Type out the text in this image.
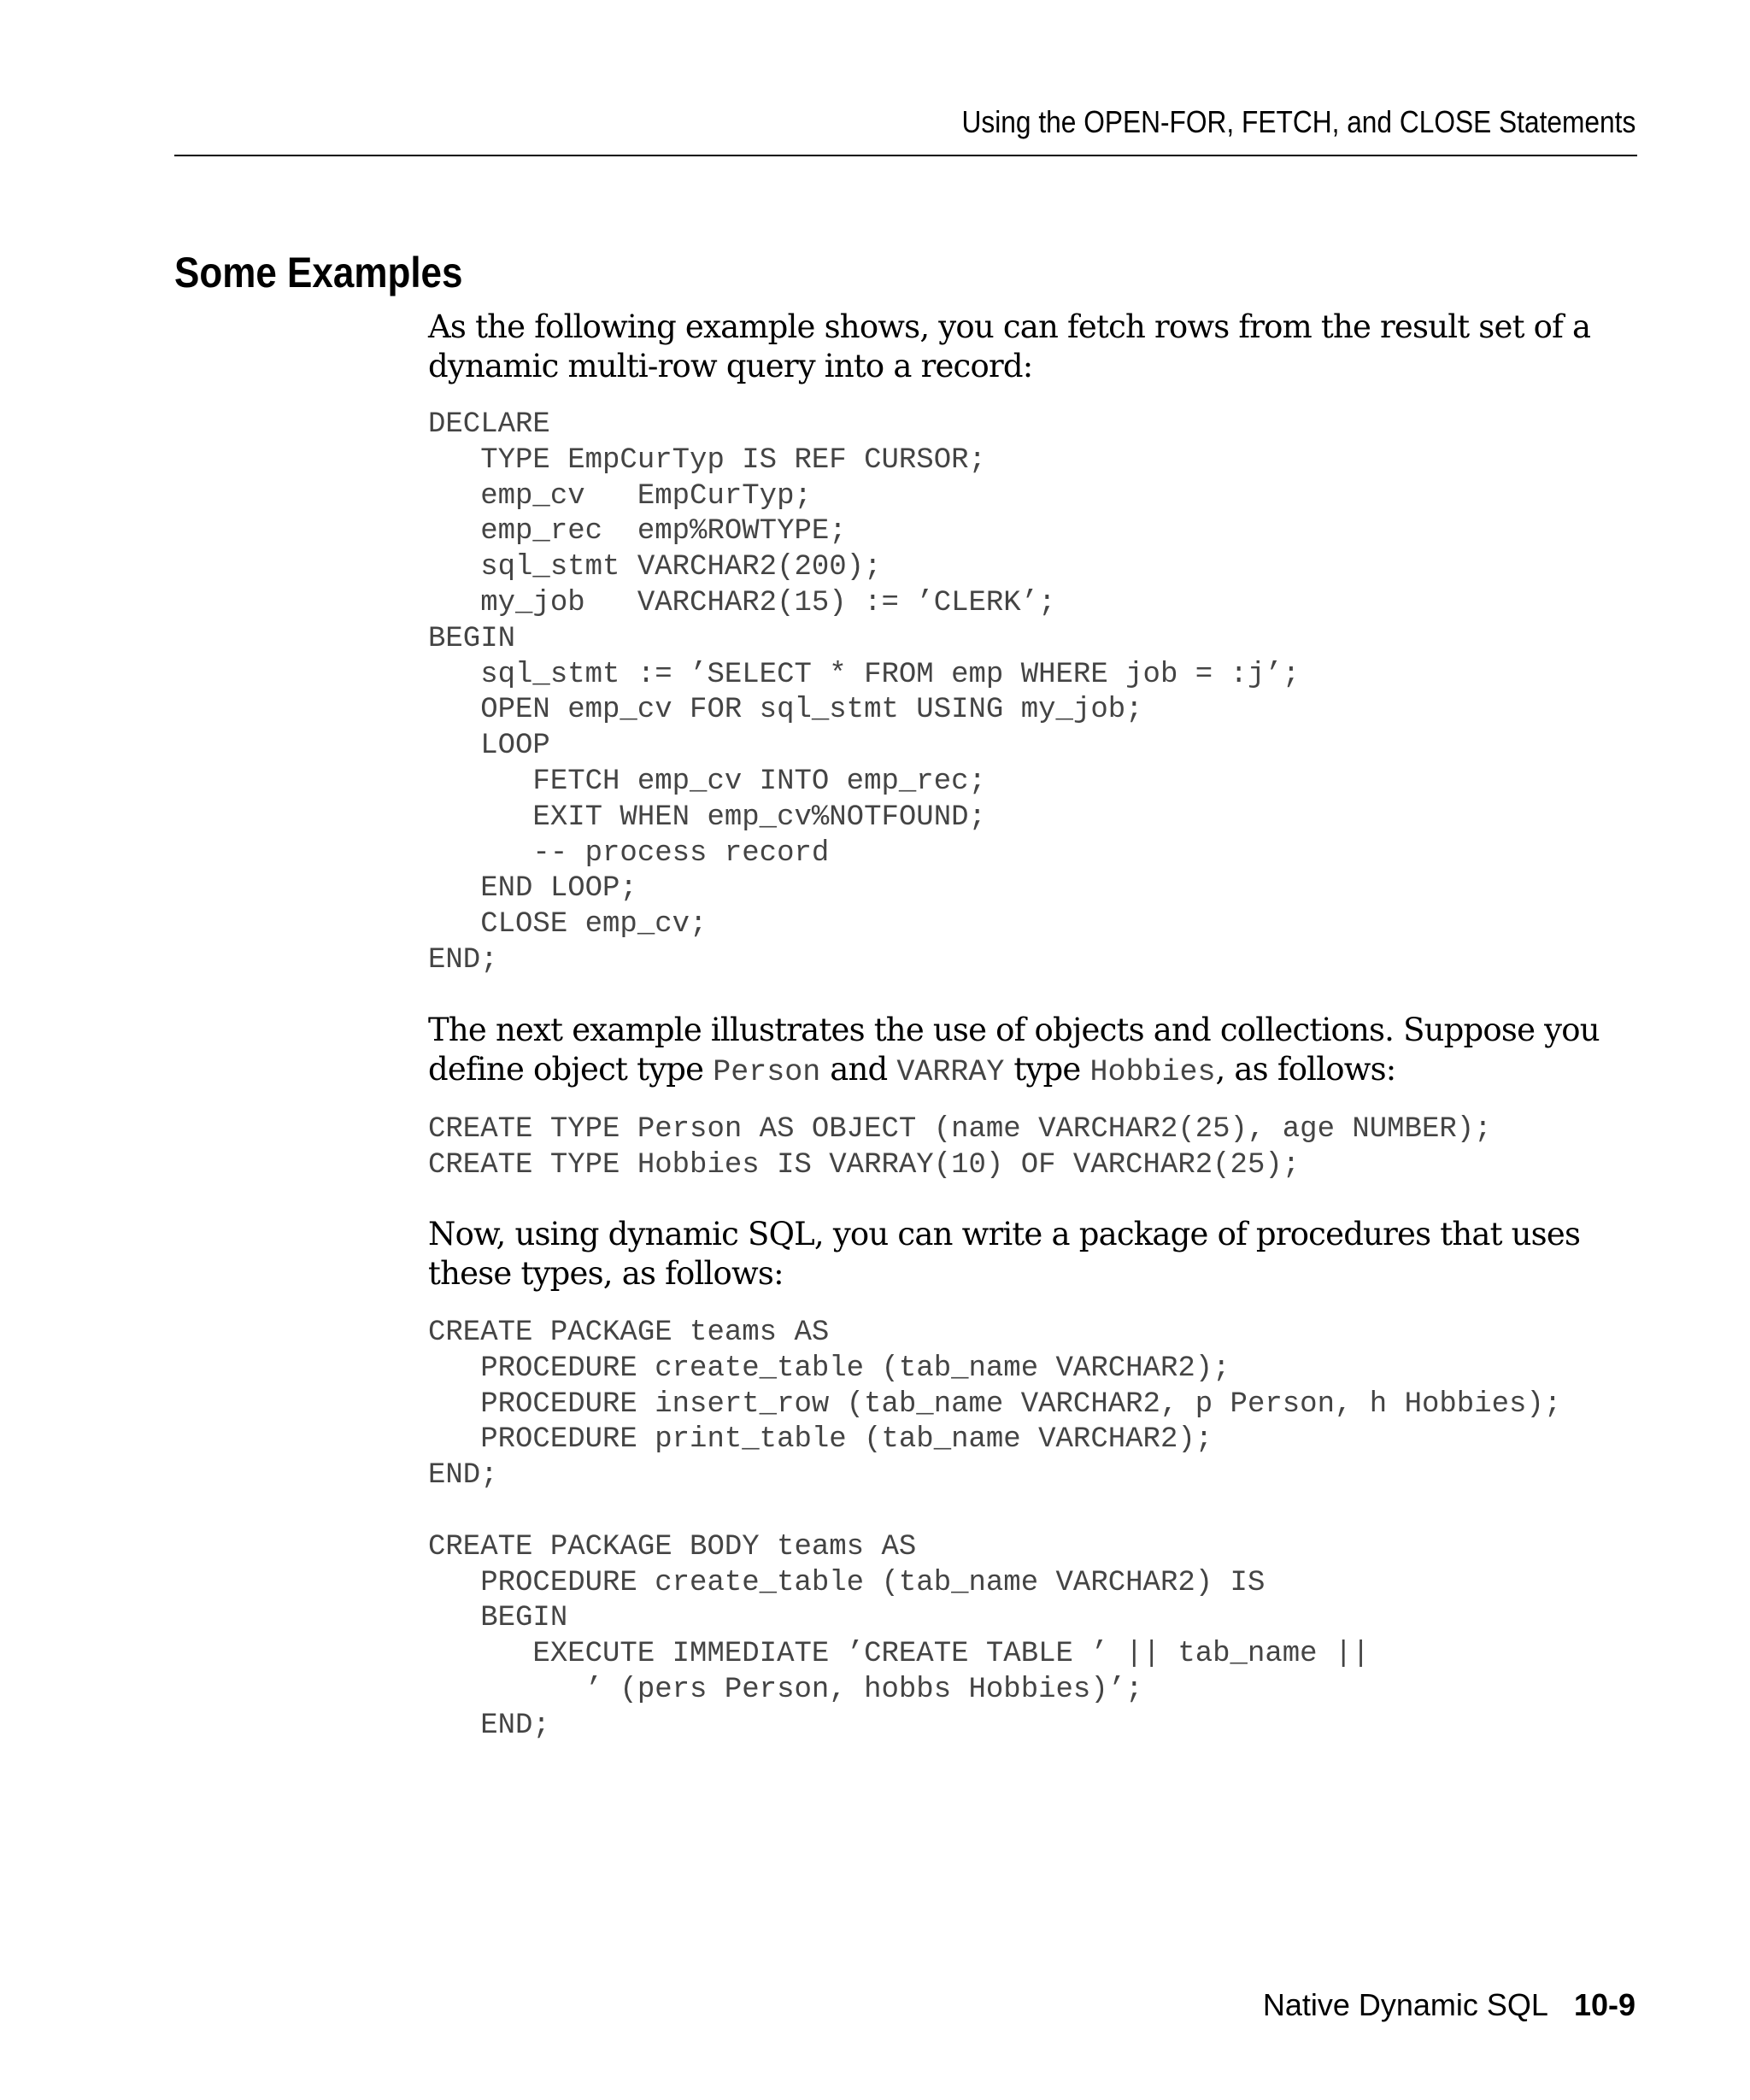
Using the OPEN-FOR, FETCH, and CLOSE Statements
Some Examples

As the following example shows, you can fetch rows from the result set of a dynamic multi-row query into a record:

DECLARE
TYPE EmpCurTyp IS REF CURSOR;
emp_cv   EmpCurTyp;
emp_rec  emp%ROWTYPE;
sql_stmt VARCHAR2(200);
my_job   VARCHAR2(15) := ’CLERK’;
BEGIN
sql_stmt := ’SELECT * FROM emp WHERE job = :j’;
OPEN emp_cv FOR sql_stmt USING my_job;
LOOP
FETCH emp_cv INTO emp_rec;
EXIT WHEN emp_cv%NOTFOUND;
-- process record
END LOOP;
CLOSE emp_cv;
END;

The next example illustrates the use of objects and collections. Suppose you define object type Person and VARRAY type Hobbies, as follows:

CREATE TYPE Person AS OBJECT (name VARCHAR2(25), age NUMBER);
CREATE TYPE Hobbies IS VARRAY(10) OF VARCHAR2(25);

Now, using dynamic SQL, you can write a package of procedures that uses these types, as follows:

CREATE PACKAGE teams AS
PROCEDURE create_table (tab_name VARCHAR2);
PROCEDURE insert_row (tab_name VARCHAR2, p Person, h Hobbies);
PROCEDURE print_table (tab_name VARCHAR2);
END;

CREATE PACKAGE BODY teams AS
PROCEDURE create_table (tab_name VARCHAR2) IS
BEGIN
EXECUTE IMMEDIATE ’CREATE TABLE ’ || tab_name ||
’ (pers Person, hobbs Hobbies)’;
END;
Native Dynamic SQL 10-9
